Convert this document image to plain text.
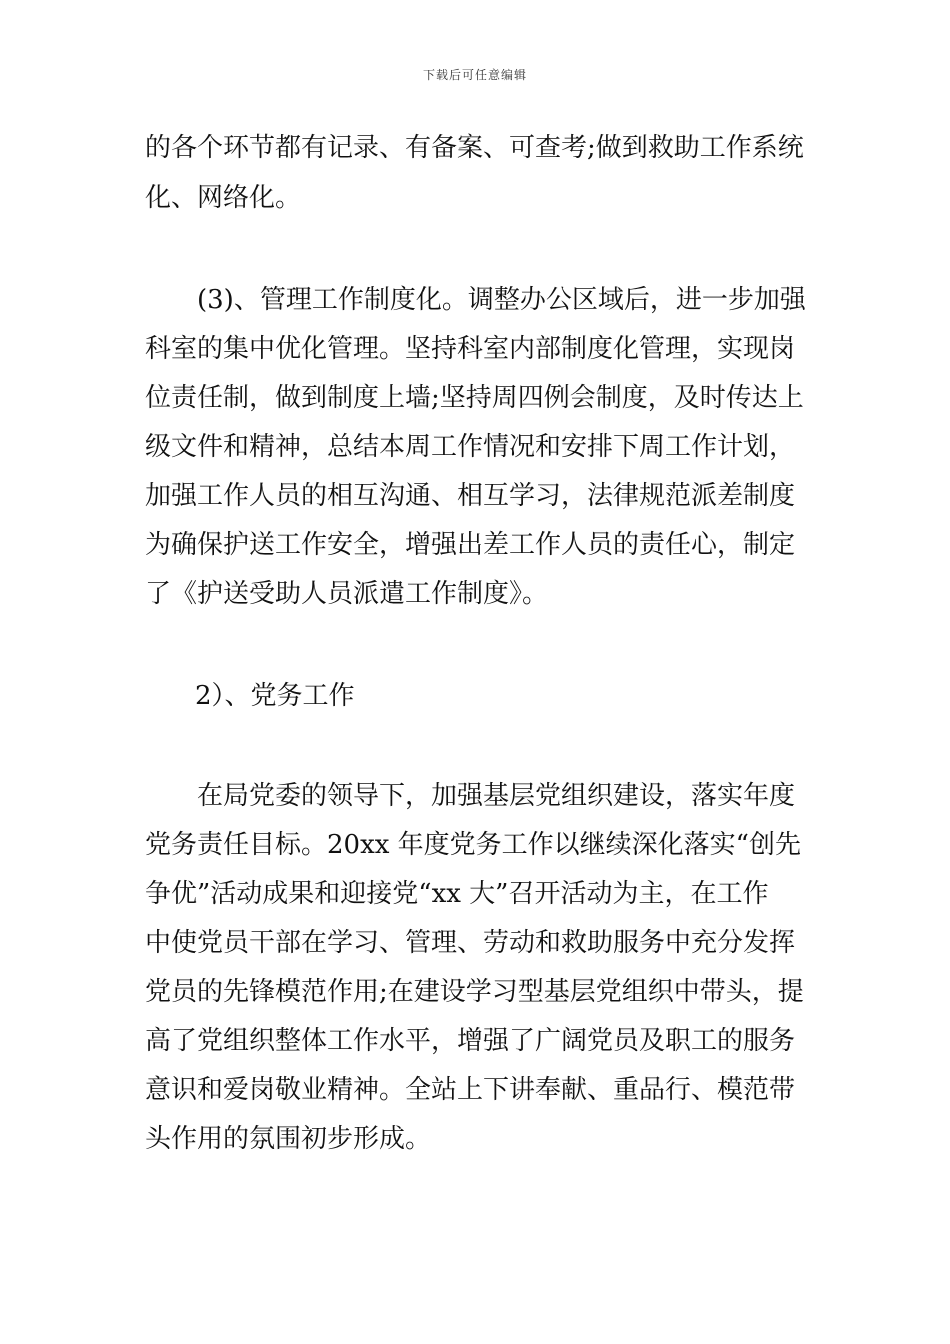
下载后可任意编辑
的各个环节都有记录、有备案、可查考;做到救助工作系统
化、网络化。
(3)、管理工作制度化。调整办公区域后，进一步加强
科室的集中优化管理。坚持科室内部制度化管理，实现岗
位责任制，做到制度上墙;坚持周四例会制度，及时传达上
级文件和精神，总结本周工作情况和安排下周工作计划，
加强工作人员的相互沟通、相互学习，法律规范派差制度
为确保护送工作安全，增强出差工作人员的责任心，制定
了《护送受助人员派遣工作制度》。
2）、党务工作
在局党委的领导下，加强基层党组织建设，落实年度
党务责任目标。20xx 年度党务工作以继续深化落实“创先
争优”活动成果和迎接党“xx 大”召开活动为主，在工作
中使党员干部在学习、管理、劳动和救助服务中充分发挥
党员的先锋模范作用;在建设学习型基层党组织中带头，提
高了党组织整体工作水平，增强了广阔党员及职工的服务
意识和爱岗敬业精神。全站上下讲奉献、重品行、模范带
头作用的氛围初步形成。
